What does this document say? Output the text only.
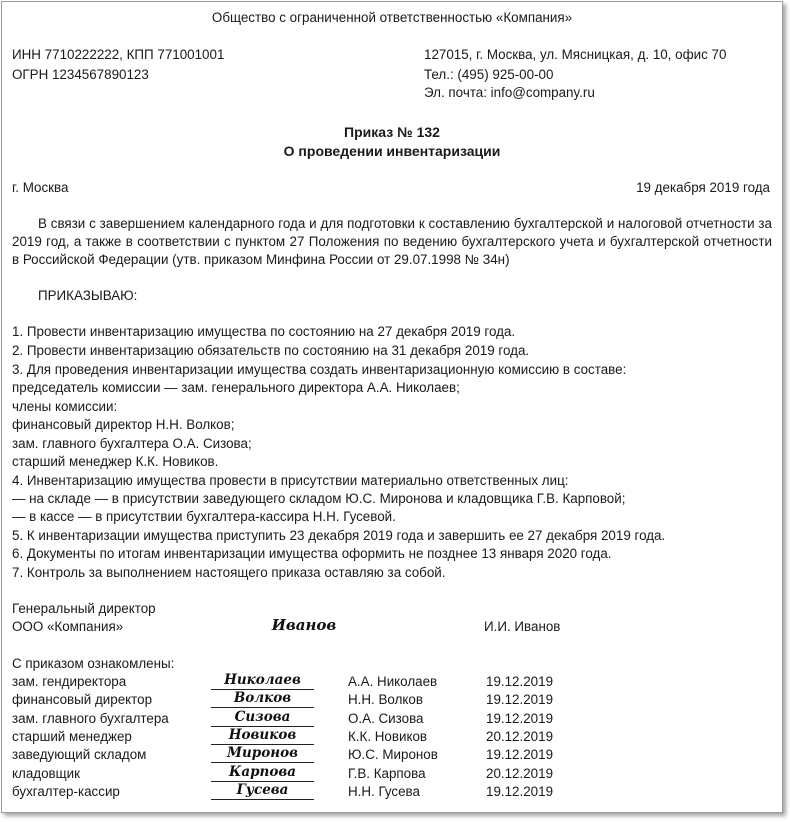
Общество с ограниченной ответственностью «Компания»
ИНН 7710222222, КПП 771001001
ОГРН 1234567890123
127015, г. Москва, ул. Мясницкая, д. 10, офис 70
Тел.: (495) 925-00-00
Эл. почта: info@company.ru
Приказ № 132
О проведении инвентаризации
г. Москва	19 декабря 2019 года
В связи с завершением календарного года и для подготовки к составлению бухгалтерской и налоговой отчетности за 2019 год, а также в соответствии с пунктом 27 Положения по ведению бухгалтерского учета и бухгалтерской отчетности в Российской Федерации (утв. приказом Минфина России от 29.07.1998 № 34н)
ПРИКАЗЫВАЮ:
1. Провести инвентаризацию имущества по состоянию на 27 декабря 2019 года.
2. Провести инвентаризацию обязательств по состоянию на 31 декабря 2019 года.
3. Для проведения инвентаризации имущества создать инвентаризационную комиссию в составе:
председатель комиссии — зам. генерального директора А.А. Николаев;
члены комиссии:
финансовый директор Н.Н. Волков;
зам. главного бухгалтера О.А. Сизова;
старший менеджер К.К. Новиков.
4. Инвентаризацию имущества провести в присутствии материально ответственных лиц:
— на складе — в присутствии заведующего складом Ю.С. Миронова и кладовщика Г.В. Карповой;
— в кассе — в присутствии бухгалтера-кассира Н.Н. Гусевой.
5. К инвентаризации имущества приступить 23 декабря 2019 года и завершить ее 27 декабря 2019 года.
6. Документы по итогам инвентаризации имущества оформить не позднее 13 января 2020 года.
7. Контроль за выполнением настоящего приказа оставляю за собой.
Генеральный директор
ООО «Компания»	Иванов	И.И. Иванов
С приказом ознакомлены:
зам. гендиректора	Николаев	А.А. Николаев	19.12.2019
финансовый директор	Волков	Н.Н. Волков	19.12.2019
зам. главного бухгалтера	Сизова	О.А. Сизова	19.12.2019
старший менеджер	Новиков	К.К. Новиков	20.12.2019
заведующий складом	Миронов	Ю.С. Миронов	19.12.2019
кладовщик	Карпова	Г.В. Карпова	20.12.2019
бухгалтер-кассир	Гусева	Н.Н. Гусева	19.12.2019
